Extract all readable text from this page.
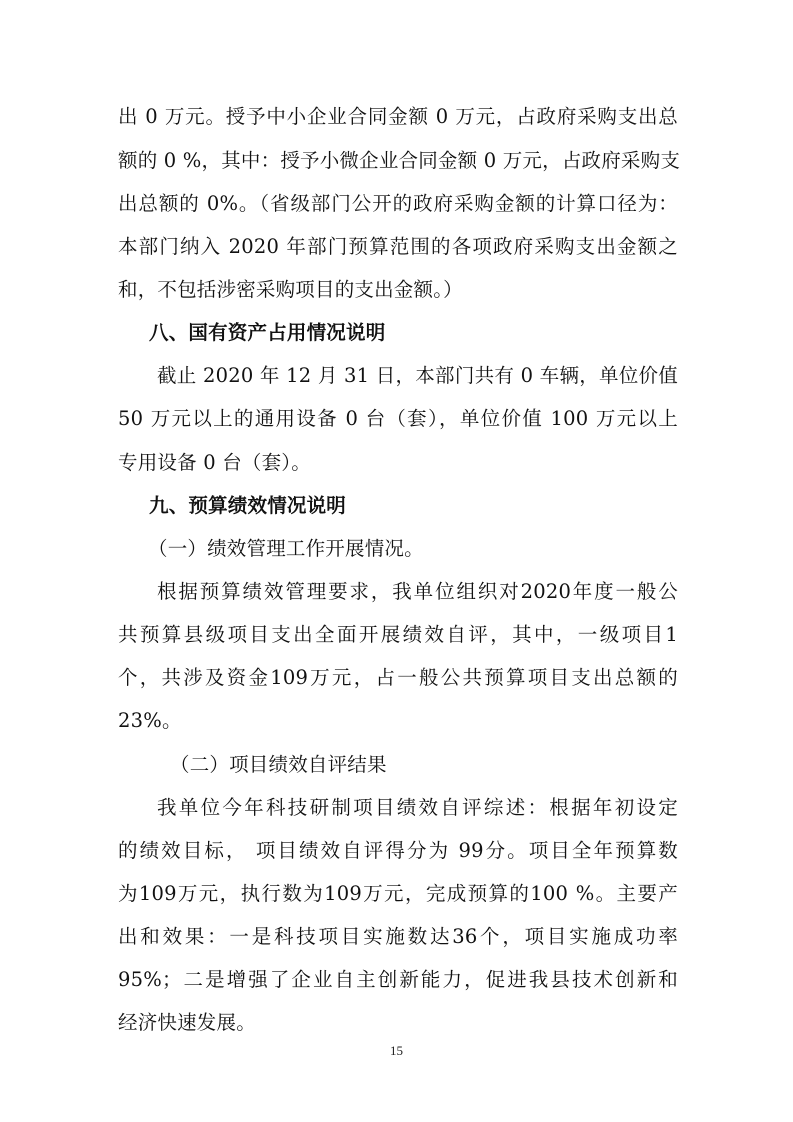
出 0 万元。授予中小企业合同金额 0 万元，占政府采购支出总
额的 0 %，其中：授予小微企业合同金额 0 万元，占政府采购支
出总额的 0%。（省级部门公开的政府采购金额的计算口径为：
本部门纳入 2020 年部门预算范围的各项政府采购支出金额之
和，不包括涉密采购项目的支出金额。）
八、国有资产占用情况说明
截止 2020 年 12 月 31 日，本部门共有 0 车辆，单位价值
50 万元以上的通用设备 0 台（套），单位价值 100 万元以上
专用设备 0 台（套）。
九、预算绩效情况说明
（一）绩效管理工作开展情况。
根据预算绩效管理要求，我单位组织对2020年度一般公
共预算县级项目支出全面开展绩效自评，其中，一级项目1
个，共涉及资金109万元，占一般公共预算项目支出总额的
23%。
（二）项目绩效自评结果
我单位今年科技研制项目绩效自评综述：根据年初设定
的绩效目标， 项目绩效自评得分为 99分。项目全年预算数
为109万元，执行数为109万元，完成预算的100 %。主要产
出和效果：一是科技项目实施数达36个，项目实施成功率
95%；二是增强了企业自主创新能力，促进我县技术创新和
经济快速发展。
15
